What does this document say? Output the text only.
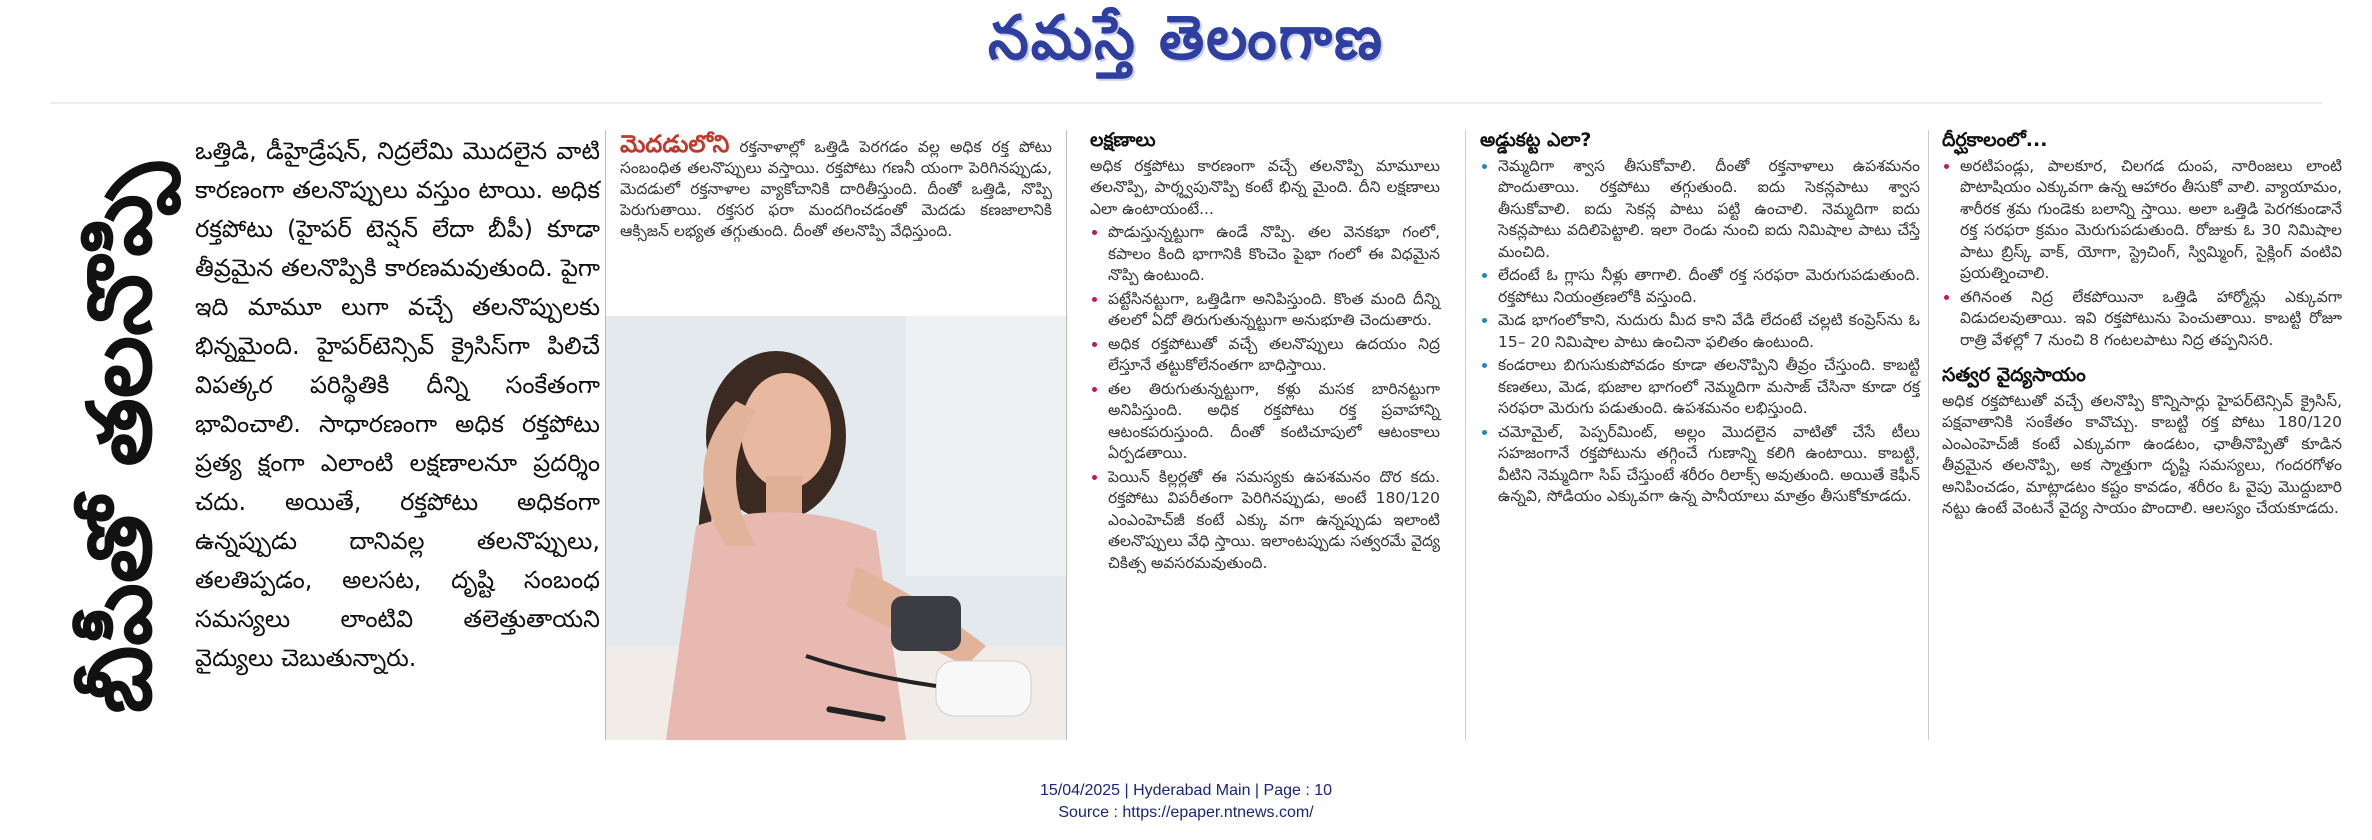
నమస్తే తెలంగాణ
బీపీతో తలనొప్పి

ఒత్తిడి, డీహైడ్రేషన్, నిద్రలేమి మొదలైన వాటి కారణంగా తలనొప్పులు వస్తుం టాయి. అధిక రక్తపోటు (హైపర్ టెన్షన్ లేదా బీపీ) కూడా తీవ్రమైన తలనొప్పికి కారణమవుతుంది. పైగా ఇది మామూ లుగా వచ్చే తలనొప్పులకు భిన్నమైంది. హైపర్‌టెన్సివ్ క్రైసిస్‌గా పిలిచే విపత్కర పరిస్థితికి దీన్ని సంకేతంగా భావించాలి. సాధారణంగా అధిక రక్తపోటు ప్రత్య క్షంగా ఎలాంటి లక్షణాలనూ ప్రదర్శిం చదు. అయితే, రక్తపోటు అధికంగా ఉన్నప్పుడు దానివల్ల తలనొప్పులు, తలతిప్పడం, అలసట, దృష్టి సంబంధ సమస్యలు లాంటివి తలెత్తుతాయని వైద్యులు చెబుతున్నారు.

మెదడులోని రక్తనాళాల్లో ఒత్తిడి పెరగడం వల్ల అధిక రక్త పోటు సంబంధిత తలనొప్పులు వస్తాయి. రక్తపోటు గణనీ యంగా పెరిగినప్పుడు, మెదడులో రక్తనాళాల వ్యాకోచానికి దారితీస్తుంది. దీంతో ఒత్తిడి, నొప్పి పెరుగుతాయి. రక్తసర ఫరా మందగించడంతో మెదడు కణజాలానికి ఆక్సిజన్ లభ్యత తగ్గుతుంది. దీంతో తలనొప్పి వేధిస్తుంది.
లక్షణాలు

అధిక రక్తపోటు కారణంగా వచ్చే తలనొప్పి మామూలు తలనొప్పి, పార్శ్వపునొప్పి కంటే భిన్న మైంది. దీని లక్షణాలు ఎలా ఉంటాయంటే...

• పొడుస్తున్నట్టుగా ఉండే నొప్పి. తల వెనకభా గంలో, కపాలం కింది భాగానికి కొంచెం పైభా గంలో ఈ విధమైన నొప్పి ఉంటుంది.
• పట్టేసినట్టుగా, ఒత్తిడిగా అనిపిస్తుంది. కొంత మంది దీన్ని తలలో ఏదో తిరుగుతున్నట్టుగా అనుభూతి చెందుతారు.
• అధిక రక్తపోటుతో వచ్చే తలనొప్పులు ఉదయం నిద్ర లేస్తూనే తట్టుకోలేనంతగా బాధిస్తాయి.
• తల తిరుగుతున్నట్టుగా, కళ్లు మసక బారినట్టుగా అనిపిస్తుంది. అధిక రక్తపోటు రక్త ప్రవాహాన్ని ఆటంకపరుస్తుంది. దీంతో కంటిచూపులో ఆటంకాలు ఏర్పడతాయి.
• పెయిన్ కిల్లర్లతో ఈ సమస్యకు ఉపశమనం దొర కదు. రక్తపోటు విపరీతంగా పెరిగినప్పుడు, అంటే 180/120 ఎంఎంహెచ్‌జీ కంటే ఎక్కు వగా ఉన్నప్పుడు ఇలాంటి తలనొప్పులు వేధి స్తాయి. ఇలాంటప్పుడు సత్వరమే వైద్య చికిత్స అవసరమవుతుంది.
అడ్డుకట్ట ఎలా?
• నెమ్మదిగా శ్వాస తీసుకోవాలి. దీంతో రక్తనాళాలు ఉపశమనం పొందుతాయి. రక్తపోటు తగ్గుతుంది. ఐదు సెకన్లపాటు శ్వాస తీసుకోవాలి. ఐదు సెకన్ల పాటు పట్టి ఉంచాలి. నెమ్మదిగా ఐదు సెకన్లపాటు వదిలిపెట్టాలి. ఇలా రెండు నుంచి ఐదు నిమిషాల పాటు చేస్తే మంచిది.
• లేదంటే ఓ గ్లాసు నీళ్లు తాగాలి. దీంతో రక్త సరఫరా మెరుగుపడుతుంది. రక్తపోటు నియంత్రణలోకి వస్తుంది.
• మెడ భాగంలోకాని, నుదురు మీద కాని వేడి లేదంటే చల్లటి కంప్రెస్‌ను ఓ 15– 20 నిమిషాల పాటు ఉంచినా ఫలితం ఉంటుంది.
• కండరాలు బిగుసుకుపోవడం కూడా తలనొప్పిని తీవ్రం చేస్తుంది. కాబట్టి కణతలు, మెడ, భుజాల భాగంలో నెమ్మదిగా మసాజ్ చేసినా కూడా రక్త సరఫరా మెరుగు పడుతుంది. ఉపశమనం లభిస్తుంది.
• చమోమైల్, పెప్పర్‌మింట్, అల్లం మొదలైన వాటితో చేసే టీలు సహజంగానే రక్తపోటును తగ్గించే గుణాన్ని కలిగి ఉంటాయి. కాబట్టి, వీటిని నెమ్మదిగా సిప్ చేస్తుంటే శరీరం రిలాక్స్‌ అవుతుంది. అయితే కెఫీన్ ఉన్నవి, సోడియం ఎక్కువగా ఉన్న పానీయాలు మాత్రం తీసుకోకూడదు.
దీర్ఘకాలంలో...
• అరటిపండ్లు, పాలకూర, చిలగడ దుంప, నారింజలు లాంటి పొటాషియం ఎక్కువగా ఉన్న ఆహారం తీసుకో వాలి. వ్యాయామం, శారీరక శ్రమ గుండెకు బలాన్ని స్తాయి. అలా ఒత్తిడి పెరగకుండానే రక్త సరఫరా క్రమం మెరుగుపడుతుంది. రోజుకు ఓ 30 నిమిషాల పాటు బ్రిస్క్ వాక్, యోగా, స్ట్రెచింగ్, స్విమ్మింగ్, సైక్లింగ్ వంటివి ప్రయత్నించాలి.
• తగినంత నిద్ర లేకపోయినా ఒత్తిడి హార్మోన్లు ఎక్కువగా విడుదలవుతాయి. ఇవి రక్తపోటును పెంచుతాయి. కాబట్టి రోజూ రాత్రి వేళల్లో 7 నుంచి 8 గంటలపాటు నిద్ర తప్పనిసరి.
సత్వర వైద్యసాయం

అధిక రక్తపోటుతో వచ్చే తలనొప్పి కొన్నిసార్లు హైపర్‌టెన్సివ్ క్రైసిస్, పక్షవాతానికి సంకేతం కావొచ్చు. కాబట్టి రక్త పోటు 180/120 ఎంఎంహెచ్‌జీ కంటే ఎక్కువగా ఉండటం, ఛాతీనొప్పితో కూడిన తీవ్రమైన తలనొప్పి, అక స్మాత్తుగా దృష్టి సమస్యలు, గందరగోళం అనిపించడం, మాట్లాడటం కష్టం కావడం, శరీరం ఓ వైపు మొద్దుబారి నట్టు ఉంటే వెంటనే వైద్య సాయం పొందాలి. ఆలస్యం చేయకూడదు.

15/04/2025 | Hyderabad Main | Page : 10
Source : https://epaper.ntnews.com/
